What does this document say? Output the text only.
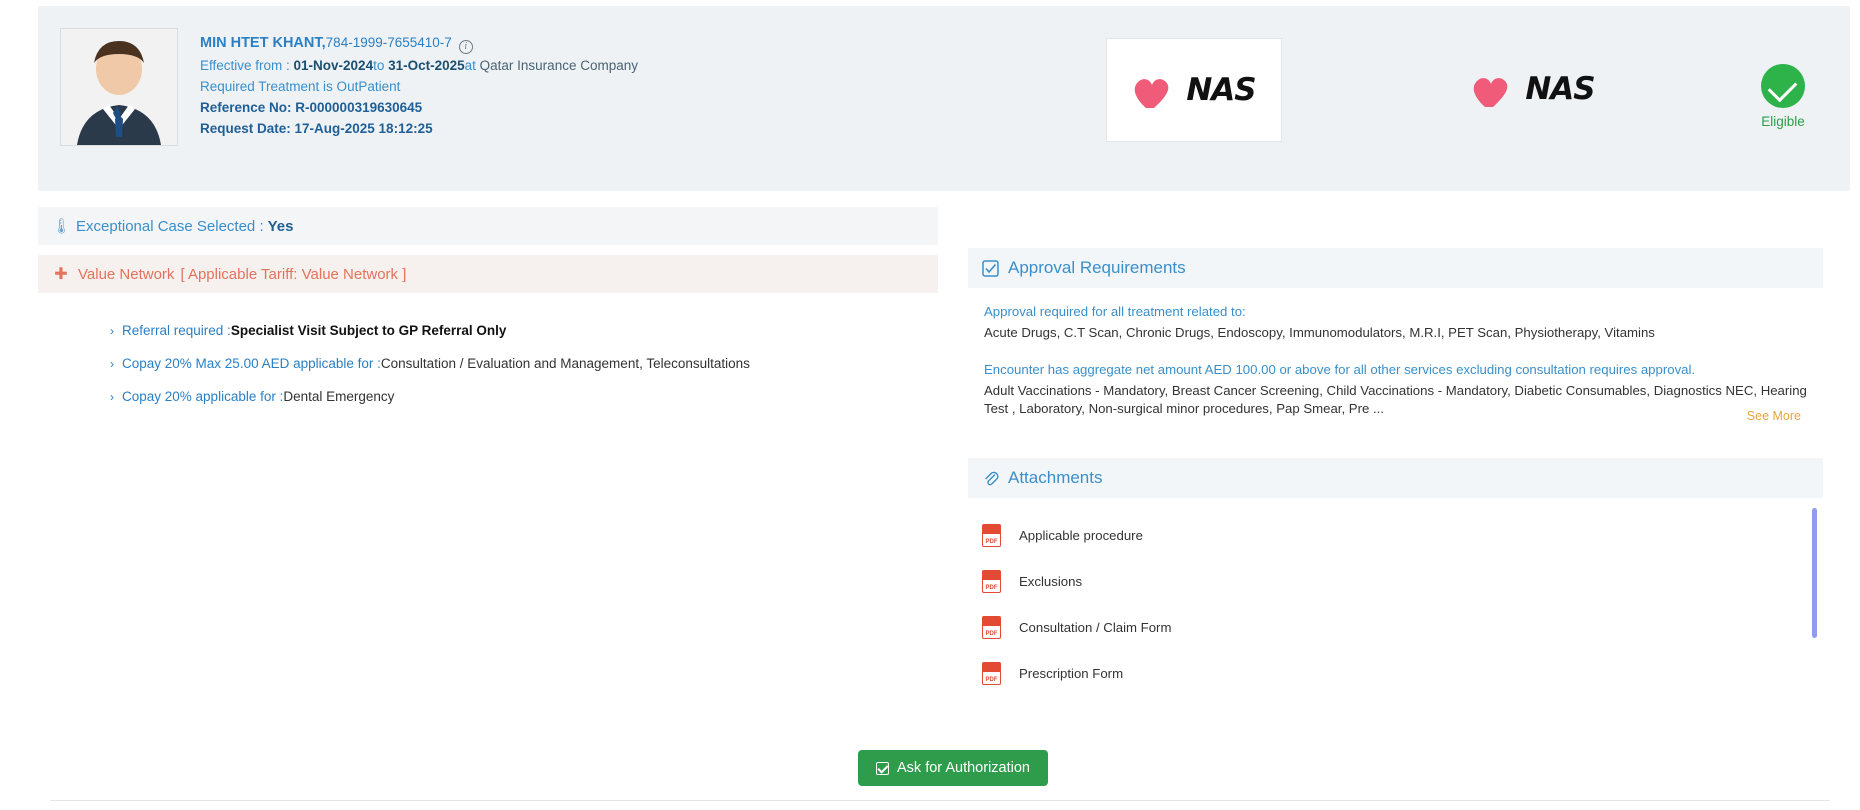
MIN HTET KHANT,784-1999-7655410-7 i
Effective from : 01-Nov-2024to 31-Oct-2025at Qatar Insurance Company
Required Treatment is OutPatient
Reference No: R-000000319630645
Request Date: 17-Aug-2025 18:12:25
NAS	NAS
Eligible
🌡 Exceptional Case Selected : Yes
✚ Value Network [ Applicable Tariff: Value Network ]
› Referral required :Specialist Visit Subject to GP Referral Only
› Copay 20% Max 25.00 AED applicable for :Consultation / Evaluation and Management, Teleconsultations
› Copay 20% applicable for :Dental Emergency
Approval Requirements
Approval required for all treatment related to:
Acute Drugs, C.T Scan, Chronic Drugs, Endoscopy, Immunomodulators, M.R.I, PET Scan, Physiotherapy, Vitamins
Encounter has aggregate net amount AED 100.00 or above for all other services excluding consultation requires approval.
Adult Vaccinations - Mandatory, Breast Cancer Screening, Child Vaccinations - Mandatory, Diabetic Consumables, Diagnostics NEC, Hearing Test , Laboratory, Non-surgical minor procedures, Pap Smear, Pre ...
See More
Attachments
PDF
Applicable procedure
PDF
Exclusions
PDF
Consultation / Claim Form
PDF
Prescription Form
Ask for Authorization
